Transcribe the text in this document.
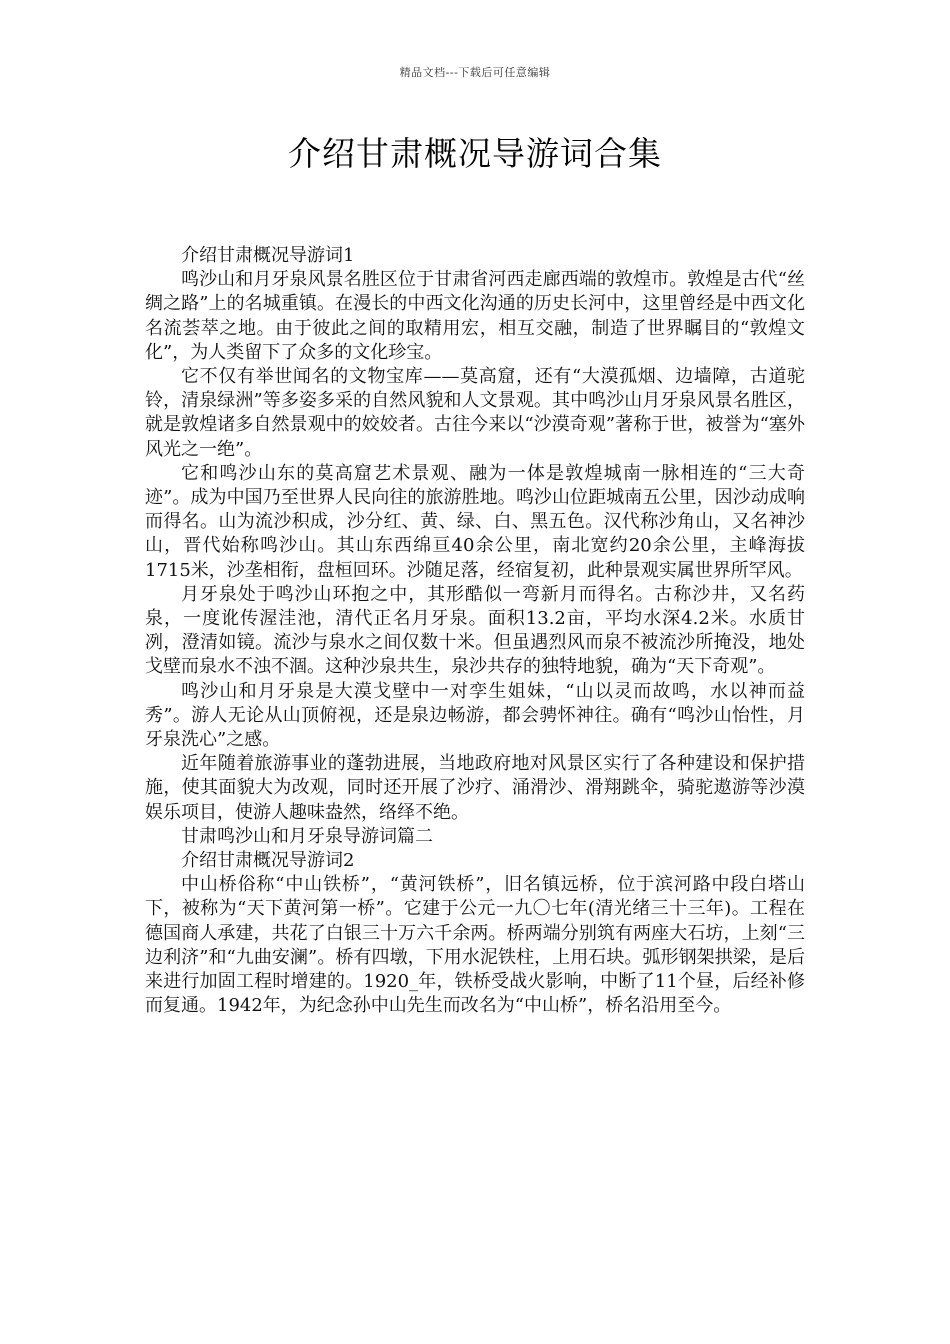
精品文档---下载后可任意编辑
介绍甘肃概况导游词合集

介绍甘肃概况导游词1

鸣沙山和月牙泉风景名胜区位于甘肃省河西走廊西端的敦煌市。敦煌是古代“丝绸之路”上的名城重镇。在漫长的中西文化沟通的历史长河中，这里曾经是中西文化名流荟萃之地。由于彼此之间的取精用宏，相互交融，制造了世界瞩目的“敦煌文化”，为人类留下了众多的文化珍宝。

它不仅有举世闻名的文物宝库——莫高窟，还有“大漠孤烟、边墙障，古道驼铃，清泉绿洲”等多姿多采的自然风貌和人文景观。其中鸣沙山月牙泉风景名胜区，就是敦煌诸多自然景观中的姣姣者。古往今来以“沙漠奇观”著称于世，被誉为“塞外风光之一绝”。

它和鸣沙山东的莫高窟艺术景观、融为一体是敦煌城南一脉相连的“三大奇迹”。成为中国乃至世界人民向往的旅游胜地。鸣沙山位距城南五公里，因沙动成响而得名。山为流沙积成，沙分红、黄、绿、白、黑五色。汉代称沙角山，又名神沙山，晋代始称鸣沙山。其山东西绵亘40余公里，南北宽约20余公里，主峰海拔1715米，沙垄相衔，盘桓回环。沙随足落，经宿复初，此种景观实属世界所罕风。

月牙泉处于鸣沙山环抱之中，其形酷似一弯新月而得名。古称沙井，又名药泉，一度讹传渥洼池，清代正名月牙泉。面积13.2亩，平均水深4.2米。水质甘冽，澄清如镜。流沙与泉水之间仅数十米。但虽遇烈风而泉不被流沙所掩没，地处戈壁而泉水不浊不涸。这种沙泉共生，泉沙共存的独特地貌，确为“天下奇观”。

鸣沙山和月牙泉是大漠戈壁中一对孪生姐妹，“山以灵而故鸣，水以神而益秀”。游人无论从山顶俯视，还是泉边畅游，都会骋怀神往。确有“鸣沙山怡性，月牙泉洗心”之感。

近年随着旅游事业的蓬勃进展，当地政府地对风景区实行了各种建设和保护措施，使其面貌大为改观，同时还开展了沙疗、涌滑沙、滑翔跳伞，骑驼遨游等沙漠娱乐项目，使游人趣味盎然，络绎不绝。

甘肃鸣沙山和月牙泉导游词篇二

介绍甘肃概况导游词2

中山桥俗称“中山铁桥”，“黄河铁桥”，旧名镇远桥，位于滨河路中段白塔山下，被称为“天下黄河第一桥”。它建于公元一九〇七年(清光绪三十三年)。工程在德国商人承建，共花了白银三十万六千余两。桥两端分别筑有两座大石坊，上刻“三边利济”和“九曲安澜”。桥有四墩，下用水泥铁柱，上用石块。弧形钢架拱梁，是后来进行加固工程时增建的。1920_年，铁桥受战火影响，中断了11个昼，后经补修而复通。1942年，为纪念孙中山先生而改名为“中山桥”，桥名沿用至今。
